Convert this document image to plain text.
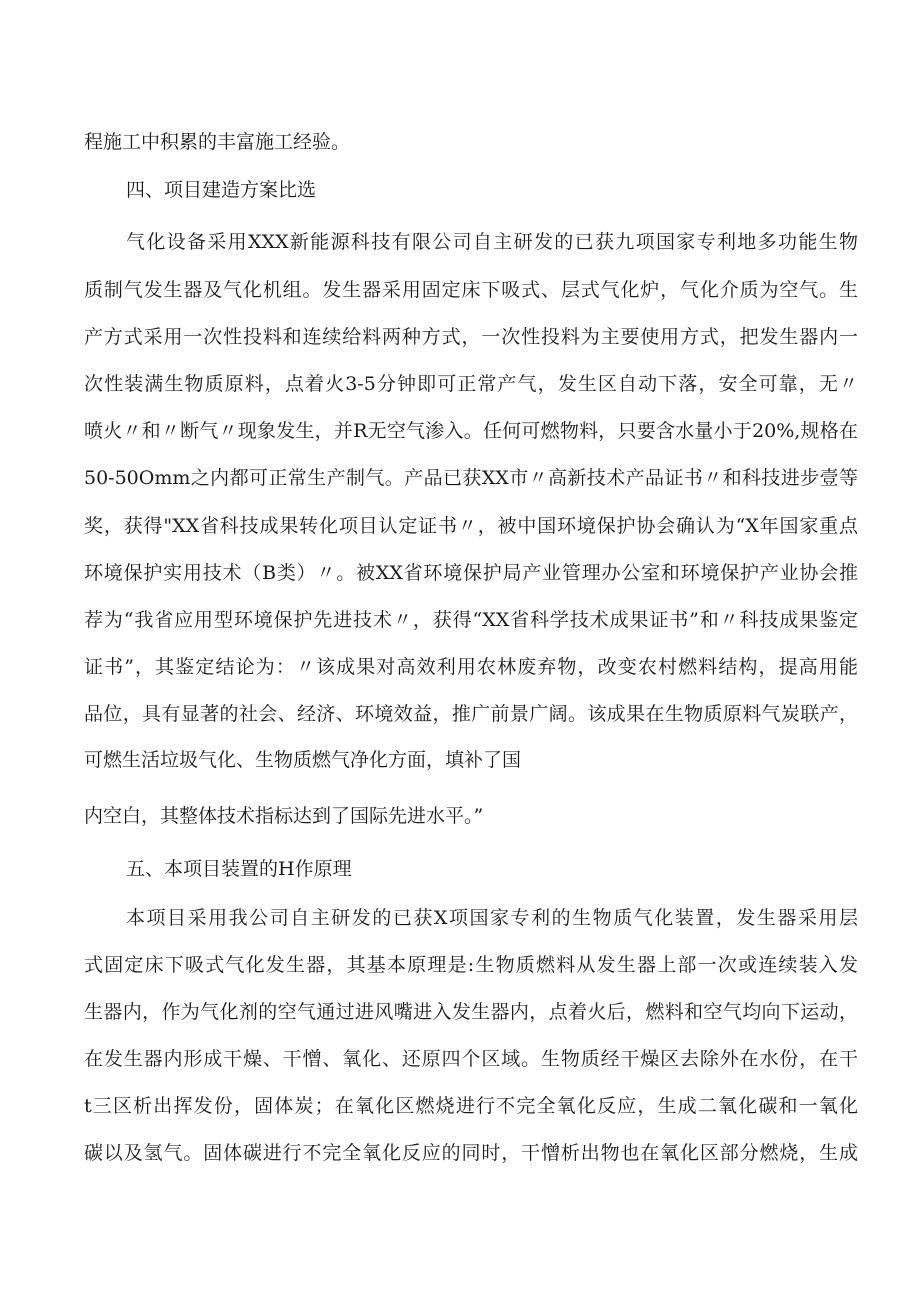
程施工中积累的丰富施工经验。
四、项目建造方案比选
气化设备采用XXX新能源科技有限公司自主研发的已获九项国家专利地多功能生物
质制气发生器及气化机组。发生器采用固定床下吸式、层式气化炉，气化介质为空气。生
产方式采用一次性投料和连续给料两种方式，一次性投料为主要使用方式，把发生器内一
次性装满生物质原料，点着火3-5分钟即可正常产气，发生区自动下落，安全可靠，无〃
喷火〃和〃断气〃现象发生，并R无空气渗入。任何可燃物料，只要含水量小于20%,规格在
50-50Omm之内都可正常生产制气。产品已获XX市〃高新技术产品证书〃和科技进步壹等
奖，获得"XX省科技成果转化项目认定证书〃，被中国环境保护协会确认为“X年国家重点
环境保护实用技术（B类）〃。被XX省环境保护局产业管理办公室和环境保护产业协会推
荐为“我省应用型环境保护先进技术〃，获得“XX省科学技术成果证书”和〃科技成果鉴定
证书”，其鉴定结论为：〃该成果对高效利用农林废弃物，改变农村燃料结构，提高用能
品位，具有显著的社会、经济、环境效益，推广前景广阔。该成果在生物质原料气炭联产，
可燃生活垃圾气化、生物质燃气净化方面，填补了国
内空白，其整体技术指标达到了国际先进水平。”
五、本项目装置的H作原理
本项目采用我公司自主研发的已获X项国家专利的生物质气化装置，发生器采用层
式固定床下吸式气化发生器，其基本原理是:生物质燃料从发生器上部一次或连续装入发
生器内，作为气化剂的空气通过进风嘴进入发生器内，点着火后，燃料和空气均向下运动，
在发生器内形成干燥、干憎、氧化、还原四个区域。生物质经干燥区去除外在水份，在干
t三区析出挥发份，固体炭；在氧化区燃烧进行不完全氧化反应，生成二氧化碳和一氧化
碳以及氢气。固体碳进行不完全氧化反应的同时，干憎析出物也在氧化区部分燃烧，生成
